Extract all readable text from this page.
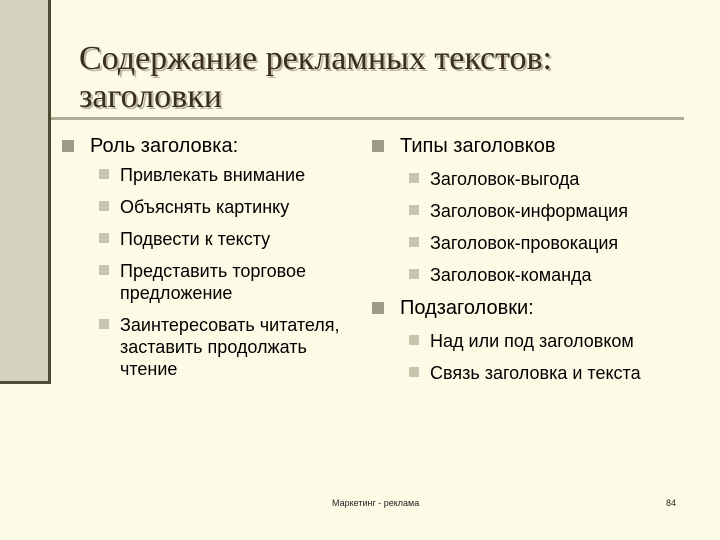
Содержание рекламных текстов:
заголовки
Роль заголовка:
Привлекать внимание
Объяснять картинку
Подвести к тексту
Представить торговое предложение
Заинтересовать читателя, заставить продолжать чтение
Типы заголовков
Заголовок-выгода
Заголовок-информация
Заголовок-провокация
Заголовок-команда
Подзаголовки:
Над или под заголовком
Связь заголовка и текста
Маркетинг - реклама	84
